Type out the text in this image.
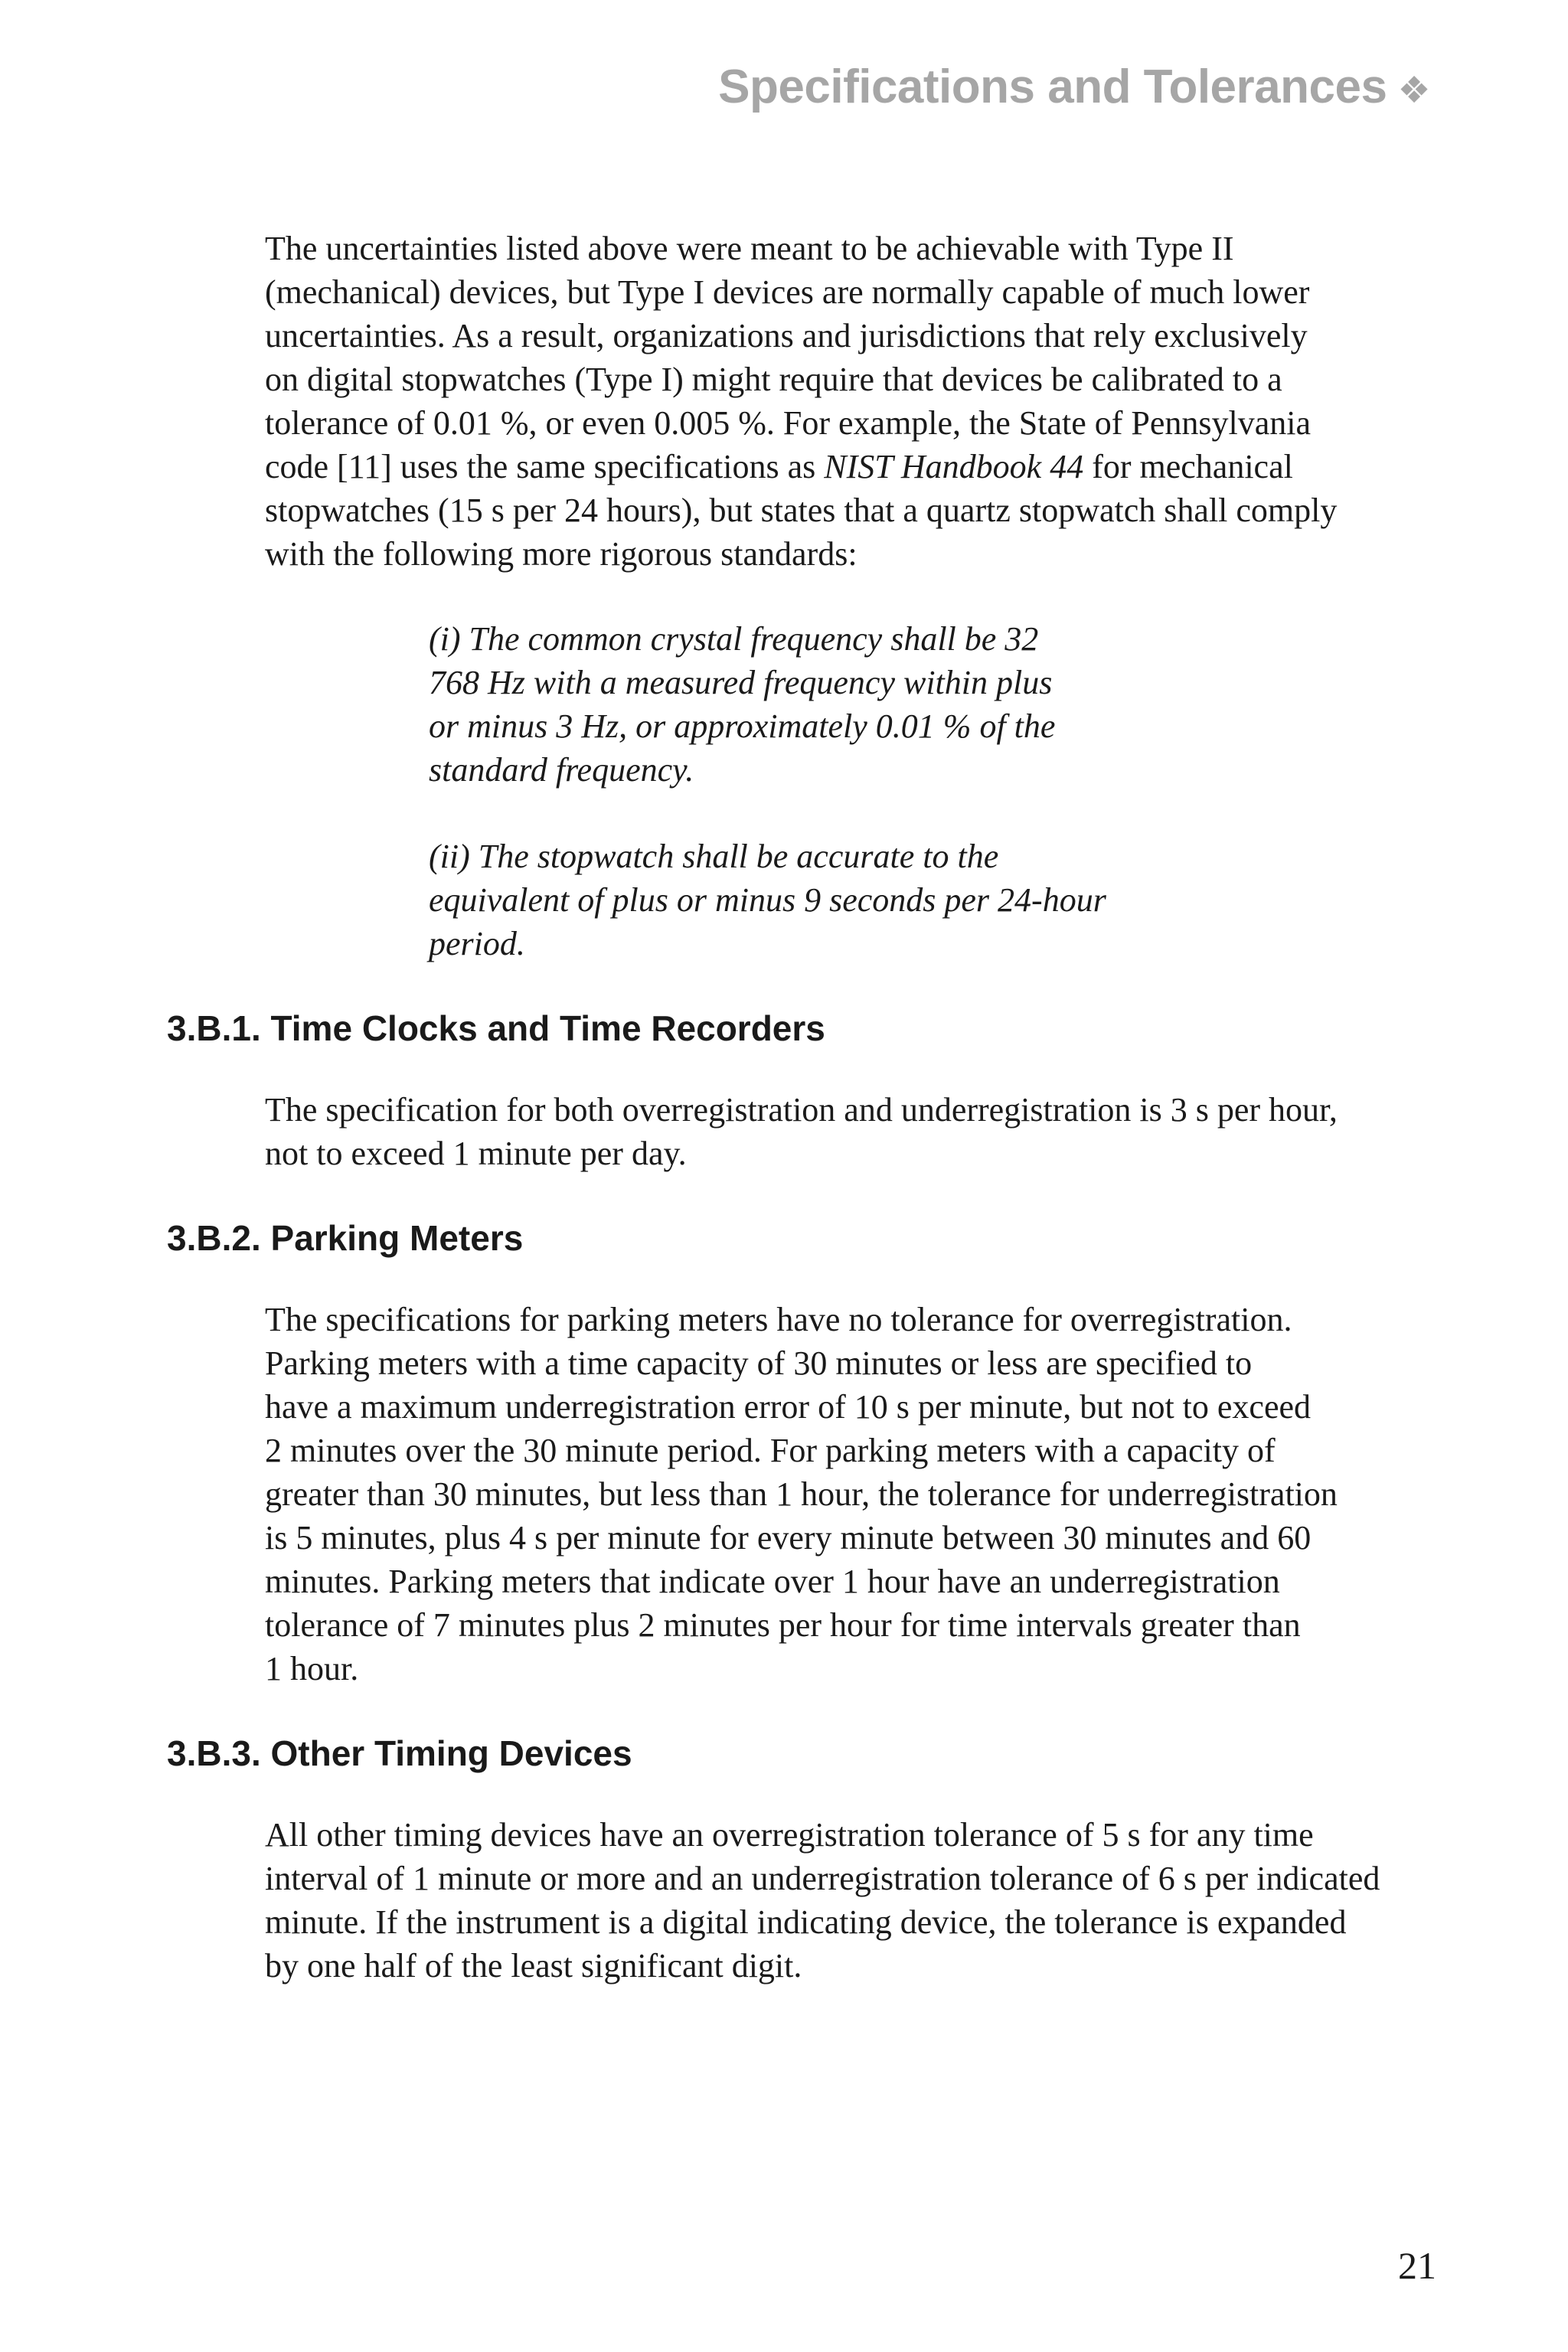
Specifications and Tolerances ❖

The uncertainties listed above were meant to be achievable with Type II
(mechanical) devices, but Type I devices are normally capable of much lower
uncertainties. As a result, organizations and jurisdictions that rely exclusively
on digital stopwatches (Type I) might require that devices be calibrated to a
tolerance of 0.01 %, or even 0.005 %. For example, the State of Pennsylvania
code [11] uses the same specifications as NIST Handbook 44 for mechanical
stopwatches (15 s per 24 hours), but states that a quartz stopwatch shall comply
with the following more rigorous standards:

(i) The common crystal frequency shall be 32
768 Hz with a measured frequency within plus
or minus 3 Hz, or approximately 0.01 % of the
standard frequency.

(ii) The stopwatch shall be accurate to the
equivalent of plus or minus 9 seconds per 24-hour
period.

3.B.1. Time Clocks and Time Recorders

The specification for both overregistration and underregistration is 3 s per hour,
not to exceed 1 minute per day.

3.B.2. Parking Meters

The specifications for parking meters have no tolerance for overregistration.
Parking meters with a time capacity of 30 minutes or less are specified to
have a maximum underregistration error of 10 s per minute, but not to exceed
2 minutes over the 30 minute period. For parking meters with a capacity of
greater than 30 minutes, but less than 1 hour, the tolerance for underregistration
is 5 minutes, plus 4 s per minute for every minute between 30 minutes and 60
minutes. Parking meters that indicate over 1 hour have an underregistration
tolerance of 7 minutes plus 2 minutes per hour for time intervals greater than
1 hour.

3.B.3. Other Timing Devices

All other timing devices have an overregistration tolerance of 5 s for any time
interval of 1 minute or more and an underregistration tolerance of 6 s per indicated
minute. If the instrument is a digital indicating device, the tolerance is expanded
by one half of the least significant digit.

21
